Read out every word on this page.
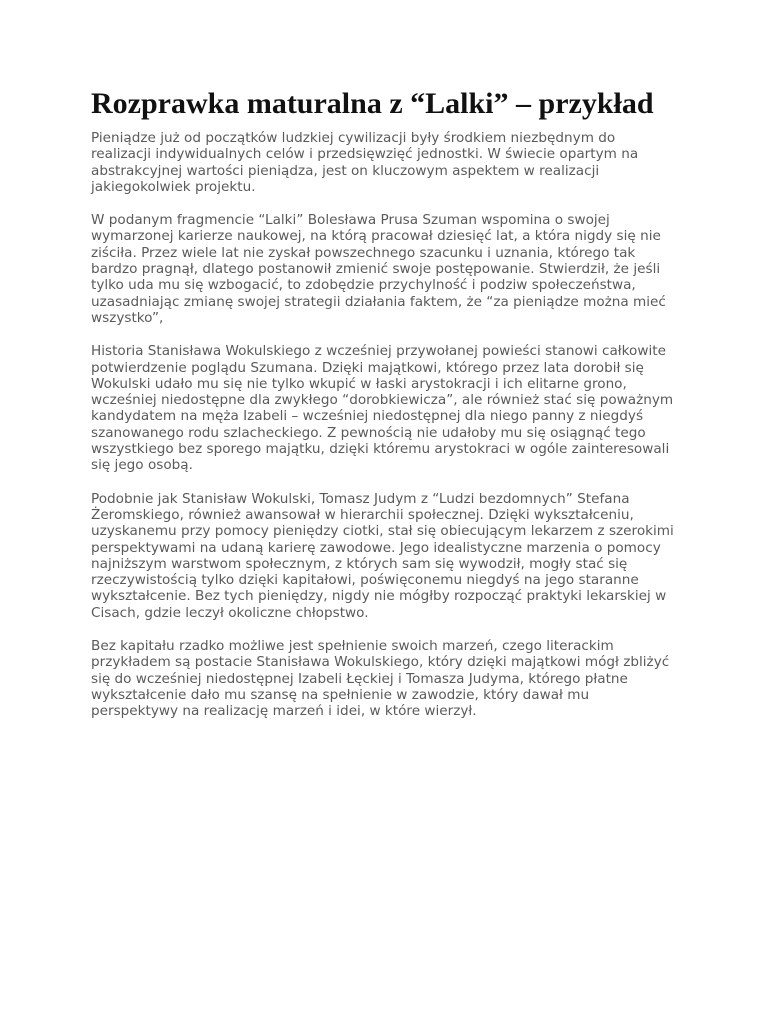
Rozprawka maturalna z “Lalki” – przykład

Pieniądze już od początków ludzkiej cywilizacji były środkiem niezbędnym do realizacji indywidualnych celów i przedsięwzięć jednostki. W świecie opartym na abstrakcyjnej wartości pieniądza, jest on kluczowym aspektem w realizacji jakiegokolwiek projektu.

W podanym fragmencie “Lalki” Bolesława Prusa Szuman wspomina o swojej wymarzonej karierze naukowej, na którą pracował dziesięć lat, a która nigdy się nie ziściła. Przez wiele lat nie zyskał powszechnego szacunku i uznania, którego tak bardzo pragnął, dlatego postanowił zmienić swoje postępowanie. Stwierdził, że jeśli tylko uda mu się wzbogacić, to zdobędzie przychylność i podziw społeczeństwa, uzasadniając zmianę swojej strategii działania faktem, że “za pieniądze można mieć wszystko”,

Historia Stanisława Wokulskiego z wcześniej przywołanej powieści stanowi całkowite potwierdzenie poglądu Szumana. Dzięki majątkowi, którego przez lata dorobił się Wokulski udało mu się nie tylko wkupić w łaski arystokracji i ich elitarne grono, wcześniej niedostępne dla zwykłego “dorobkiewicza”, ale również stać się poważnym kandydatem na męża Izabeli – wcześniej niedostępnej dla niego panny z niegdyś szanowanego rodu szlacheckiego. Z pewnością nie udałoby mu się osiągnąć tego wszystkiego bez sporego majątku, dzięki któremu arystokraci w ogóle zainteresowali się jego osobą.

Podobnie jak Stanisław Wokulski, Tomasz Judym z “Ludzi bezdomnych” Stefana Żeromskiego, również awansował w hierarchii społecznej. Dzięki wykształceniu, uzyskanemu przy pomocy pieniędzy ciotki, stał się obiecującym lekarzem z szerokimi perspektywami na udaną karierę zawodowe. Jego idealistyczne marzenia o pomocy najniższym warstwom społecznym, z których sam się wywodził, mogły stać się rzeczywistością tylko dzięki kapitałowi, poświęconemu niegdyś na jego staranne wykształcenie. Bez tych pieniędzy, nigdy nie mógłby rozpocząć praktyki lekarskiej w Cisach, gdzie leczył okoliczne chłopstwo.

Bez kapitału rzadko możliwe jest spełnienie swoich marzeń, czego literackim przykładem są postacie Stanisława Wokulskiego, który dzięki majątkowi mógł zbliżyć się do wcześniej niedostępnej Izabeli Łęckiej i Tomasza Judyma, którego płatne wykształcenie dało mu szansę na spełnienie w zawodzie, który dawał mu perspektywy na realizację marzeń i idei, w które wierzył.
